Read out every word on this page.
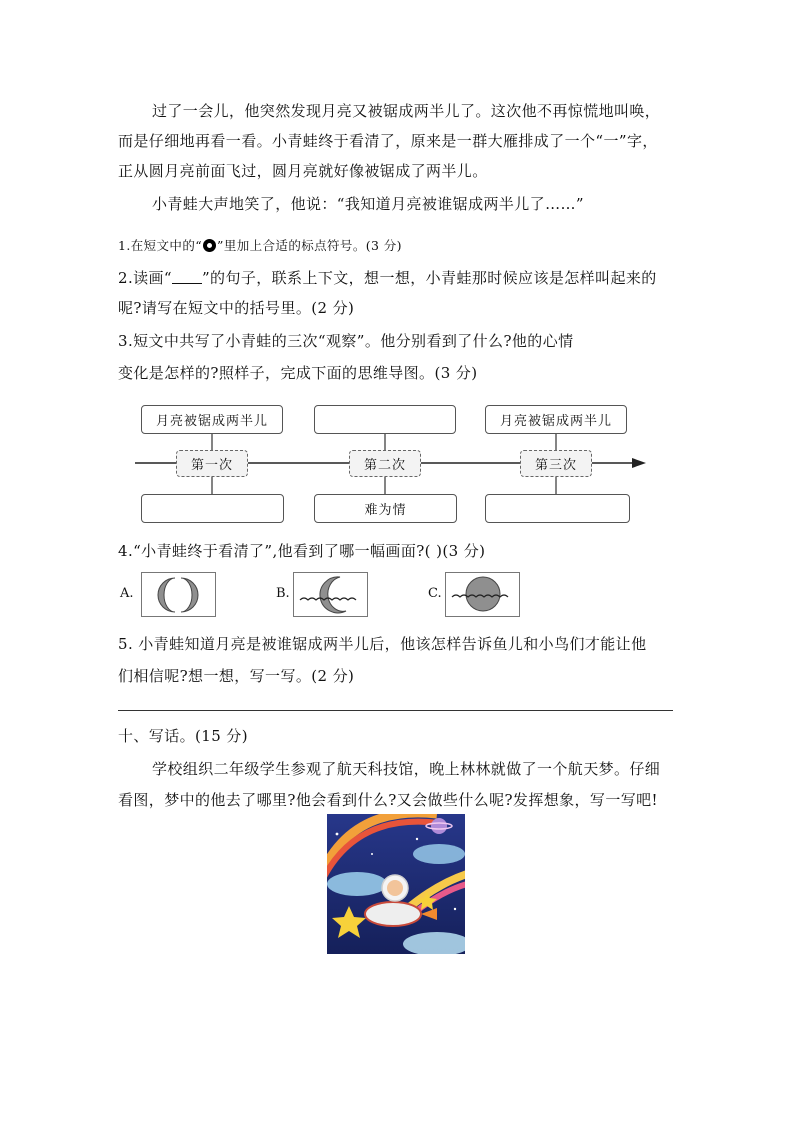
过了一会儿，他突然发现月亮又被锯成两半儿了。这次他不再惊慌地叫唤，
而是仔细地再看一看。小青蛙终于看清了，原来是一群大雁排成了一个“一”字，
正从圆月亮前面飞过，圆月亮就好像被锯成了两半儿。
小青蛙大声地笑了，他说：“我知道月亮被谁锯成两半儿了……”
1.在短文中的“○”里加上合适的标点符号。(3 分)
2.读画“ ”的句子，联系上下文，想一想，小青蛙那时候应该是怎样叫起来的
呢?请写在短文中的括号里。(2 分)
3.短文中共写了小青蛙的三次“观察”。他分别看到了什么?他的心情
变化是怎样的?照样子，完成下面的思维导图。(3 分)
月亮被锯成两半儿	月亮被锯成两半儿
第一次	第二次	第三次
难为情
4.“小青蛙终于看清了”,他看到了哪一幅画面?( )(3 分)
A.	B.	C.
5. 小青蛙知道月亮是被谁锯成两半儿后，他该怎样告诉鱼儿和小鸟们才能让他
们相信呢?想一想，写一写。(2 分)
十、写话。(15 分)
学校组织二年级学生参观了航天科技馆，晚上林林就做了一个航天梦。仔细
看图，梦中的他去了哪里?他会看到什么?又会做些什么呢?发挥想象，写一写吧!
